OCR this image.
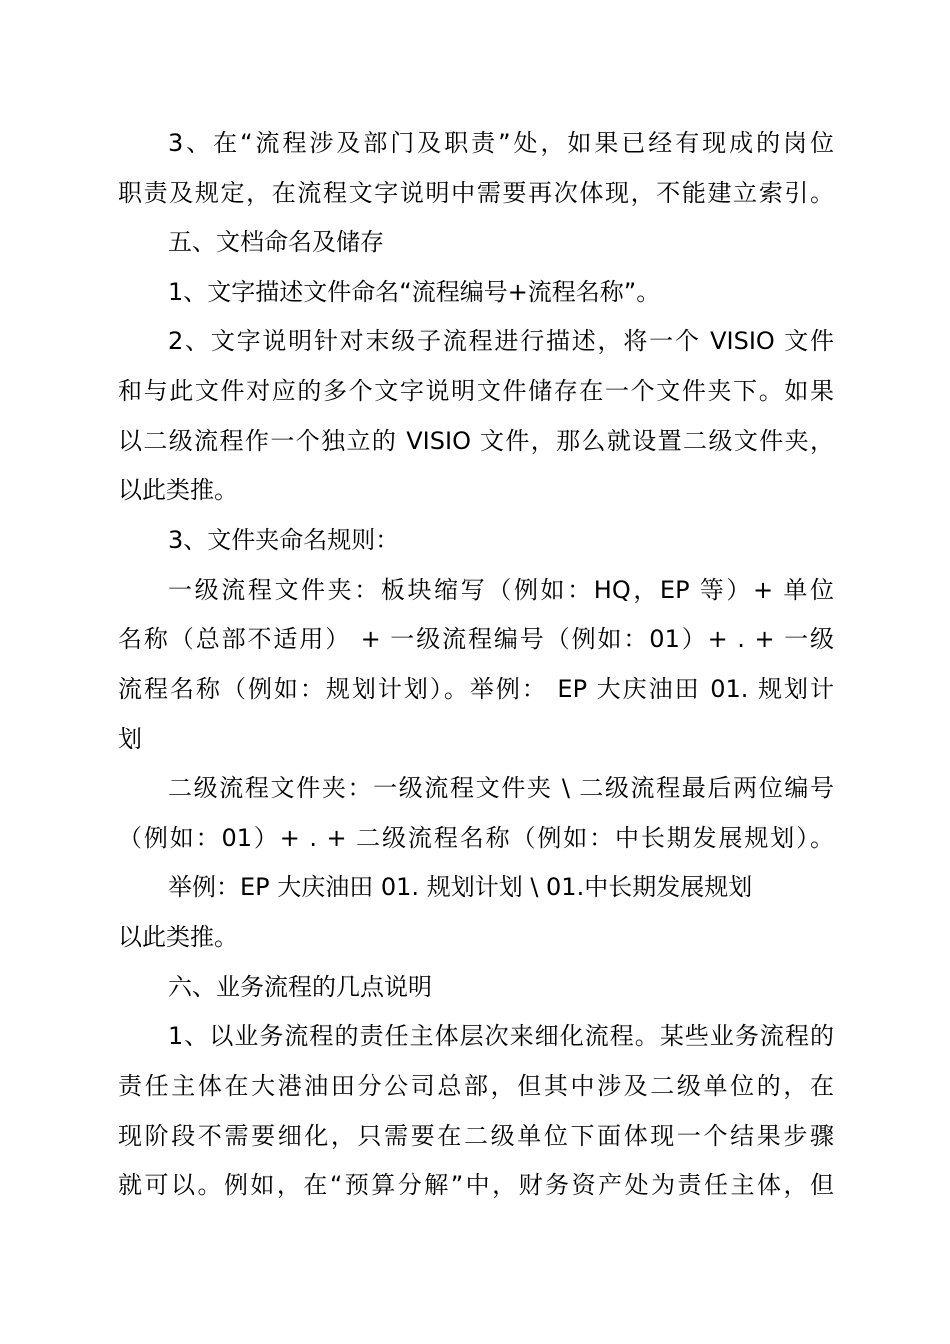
3、在“流程涉及部门及职责”处，如果已经有现成的岗位
职责及规定，在流程文字说明中需要再次体现，不能建立索引。
五、文档命名及储存
1、文字描述文件命名“流程编号+流程名称”。
2、文字说明针对末级子流程进行描述，将一个 VISIO 文件
和与此文件对应的多个文字说明文件储存在一个文件夹下。如果
以二级流程作一个独立的 VISIO 文件，那么就设置二级文件夹，
以此类推。
3、文件夹命名规则：
一级流程文件夹：板块缩写（例如：HQ，EP 等）+ 单位
名称（总部不适用） + 一级流程编号（例如：01）+ . + 一级
流程名称（例如：规划计划）。举例： EP 大庆油田 01. 规划计
划
二级流程文件夹：一级流程文件夹 \ 二级流程最后两位编号
（例如：01）+ . + 二级流程名称（例如：中长期发展规划）。
举例：EP 大庆油田 01. 规划计划 \ 01.中长期发展规划
以此类推。
六、业务流程的几点说明
1、以业务流程的责任主体层次来细化流程。某些业务流程的
责任主体在大港油田分公司总部，但其中涉及二级单位的，在
现阶段不需要细化，只需要在二级单位下面体现一个结果步骤
就可以。例如，在“预算分解”中，财务资产处为责任主体，但
